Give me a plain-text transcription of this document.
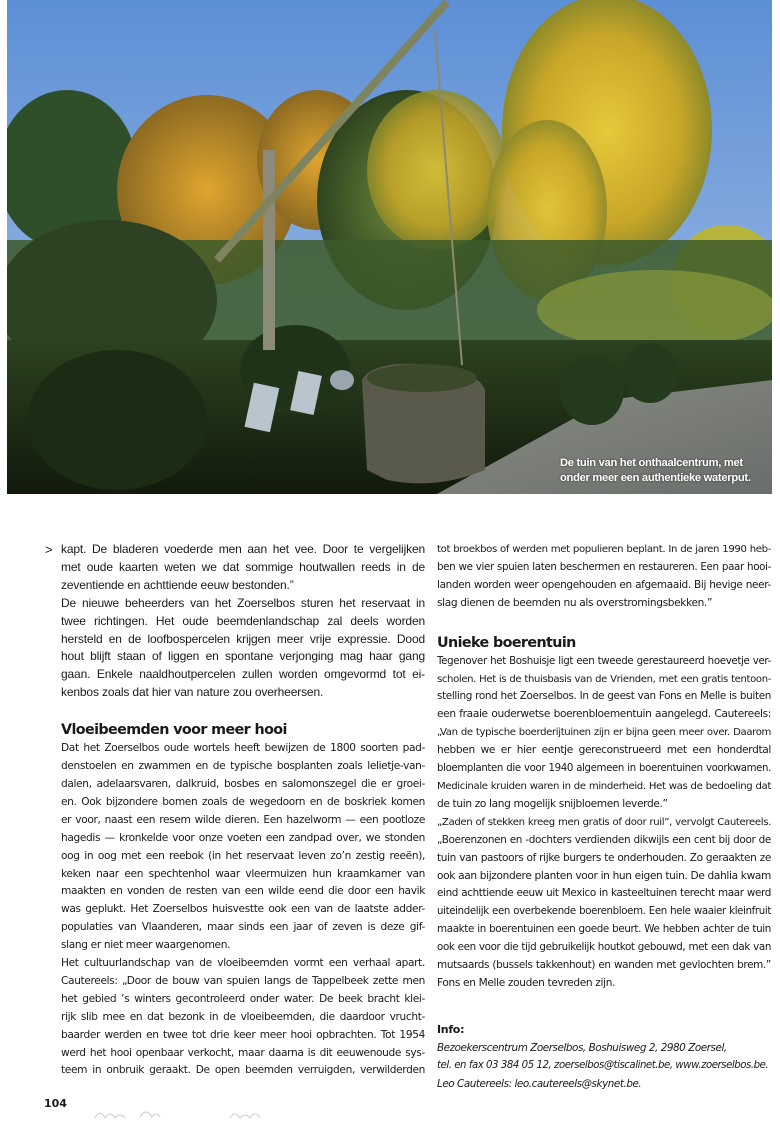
De tuin van het onthaalcentrum, met
onder meer een authentieke waterput.
> kapt. De bladeren voederde men aan het vee. Door te vergelijken
met oude kaarten weten we dat sommige houtwallen reeds in de
zeventiende en achttiende eeuw bestonden.”
De nieuwe beheerders van het Zoerselbos sturen het reservaat in
twee richtingen. Het oude beemdenlandschap zal deels worden
hersteld en de loofbospercelen krijgen meer vrije expressie. Dood
hout blijft staan of liggen en spontane verjonging mag haar gang
gaan. Enkele naaldhoutpercelen zullen worden omgevormd tot ei-
kenbos zoals dat hier van nature zou overheersen.
Vloeibeemden voor meer hooi
Dat het Zoerselbos oude wortels heeft bewijzen de 1800 soorten pad-
denstoelen en zwammen en de typische bosplanten zoals lelietje-van-
dalen, adelaarsvaren, dalkruid, bosbes en salomonszegel die er groei-
en. Ook bijzondere bomen zoals de wegedoorn en de boskriek komen
er voor, naast een resem wilde dieren. Een hazelworm — een pootloze
hagedis — kronkelde voor onze voeten een zandpad over, we stonden
oog in oog met een reebok (in het reservaat leven zo’n zestig reeën),
keken naar een spechtenhol waar vleermuizen hun kraamkamer van
maakten en vonden de resten van een wilde eend die door een havik
was geplukt. Het Zoerselbos huisvestte ook een van de laatste adder-
populaties van Vlaanderen, maar sinds een jaar of zeven is deze gif-
slang er niet meer waargenomen.
Het cultuurlandschap van de vloeibeemden vormt een verhaal apart.
Cautereels: „Door de bouw van spuien langs de Tappelbeek zette men
het gebied ’s winters gecontroleerd onder water. De beek bracht klei-
rijk slib mee en dat bezonk in de vloeibeemden, die daardoor vrucht-
baarder werden en twee tot drie keer meer hooi opbrachten. Tot 1954
werd het hooi openbaar verkocht, maar daarna is dit eeuwenoude sys-
teem in onbruik geraakt. De open beemden verruigden, verwilderden
tot broekbos of werden met populieren beplant. In de jaren 1990 heb-
ben we vier spuien laten beschermen en restaureren. Een paar hooi-
landen worden weer opengehouden en afgemaaid. Bij hevige neer-
slag dienen de beemden nu als overstromingsbekken.”
Unieke boerentuin
Tegenover het Boshuisje ligt een tweede gerestaureerd hoevetje ver-
scholen. Het is de thuisbasis van de Vrienden, met een gratis tentoon-
stelling rond het Zoerselbos. In de geest van Fons en Melle is buiten
een fraaie ouderwetse boerenbloementuin aangelegd. Cautereels:
„Van de typische boerderijtuinen zijn er bijna geen meer over. Daarom
hebben we er hier eentje gereconstrueerd met een honderdtal
bloemplanten die voor 1940 algemeen in boerentuinen voorkwamen.
Medicinale kruiden waren in de minderheid. Het was de bedoeling dat
de tuin zo lang mogelijk snijbloemen leverde.”
„Zaden of stekken kreeg men gratis of door ruil”, vervolgt Cautereels.
„Boerenzonen en -dochters verdienden dikwijls een cent bij door de
tuin van pastoors of rijke burgers te onderhouden. Zo geraakten ze
ook aan bijzondere planten voor in hun eigen tuin. De dahlia kwam
eind achttiende eeuw uit Mexico in kasteeltuinen terecht maar werd
uiteindelijk een overbekende boerenbloem. Een hele waaier kleinfruit
maakte in boerentuinen een goede beurt. We hebben achter de tuin
ook een voor die tijd gebruikelijk houtkot gebouwd, met een dak van
mutsaards (bussels takkenhout) en wanden met gevlochten brem.”
Fons en Melle zouden tevreden zijn.
Info:
Bezoekerscentrum Zoerselbos, Boshuisweg 2, 2980 Zoersel,
tel. en fax 03 384 05 12, zoerselbos@tiscalinet.be, www.zoerselbos.be.
Leo Cautereels: leo.cautereels@skynet.be.
104
